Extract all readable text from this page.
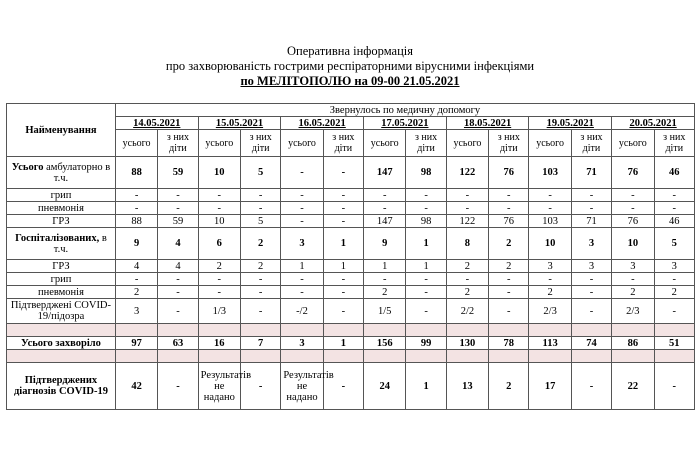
Оперативна інформація
про захворюваність гострими респіраторними вірусними інфекціями
по МЕЛІТОПОЛЮ на 09-00 21.05.2021
Найменування	Звернулось по медичну допомогу													
	14.05.2021		15.05.2021		16.05.2021		17.05.2021		18.05.2021		19.05.2021		20.05.2021	
	усього	з них діти	усього	з них діти	усього	з них діти	усього	з них діти	усього	з них діти	усього	з них діти	усього	з них діти
Усього амбулаторно в т.ч.	88	59	10	5	-	-	147	98	122	76	103	71	76	46
грип	-	-	-	-	-	-	-	-	-	-	-	-	-	-
пневмонія	-	-	-	-	-	-	-	-	-	-	-	-	-	-
ГРЗ	88	59	10	5	-	-	147	98	122	76	103	71	76	46
Госпіталізованих, в т.ч.	9	4	6	2	3	1	9	1	8	2	10	3	10	5
ГРЗ	4	4	2	2	1	1	1	1	2	2	3	3	3	3
грип	-	-	-	-	-	-	-	-	-	-	-	-	-	-
пневмонія	2	-	-	-	-	-	2	-	2	-	2	-	2	2
Підтверджені COVID-19/підозра	3	-	1/3	-	-/2	-	1/5	-	2/2	-	2/3	-	2/3	-

Усього захворіло	97	63	16	7	3	1	156	99	130	78	113	74	86	51

Підтверджених діагнозів COVID-19	42	-	Результатів не надано	-	Результатів не надано	-	24	1	13	2	17	-	22	-
